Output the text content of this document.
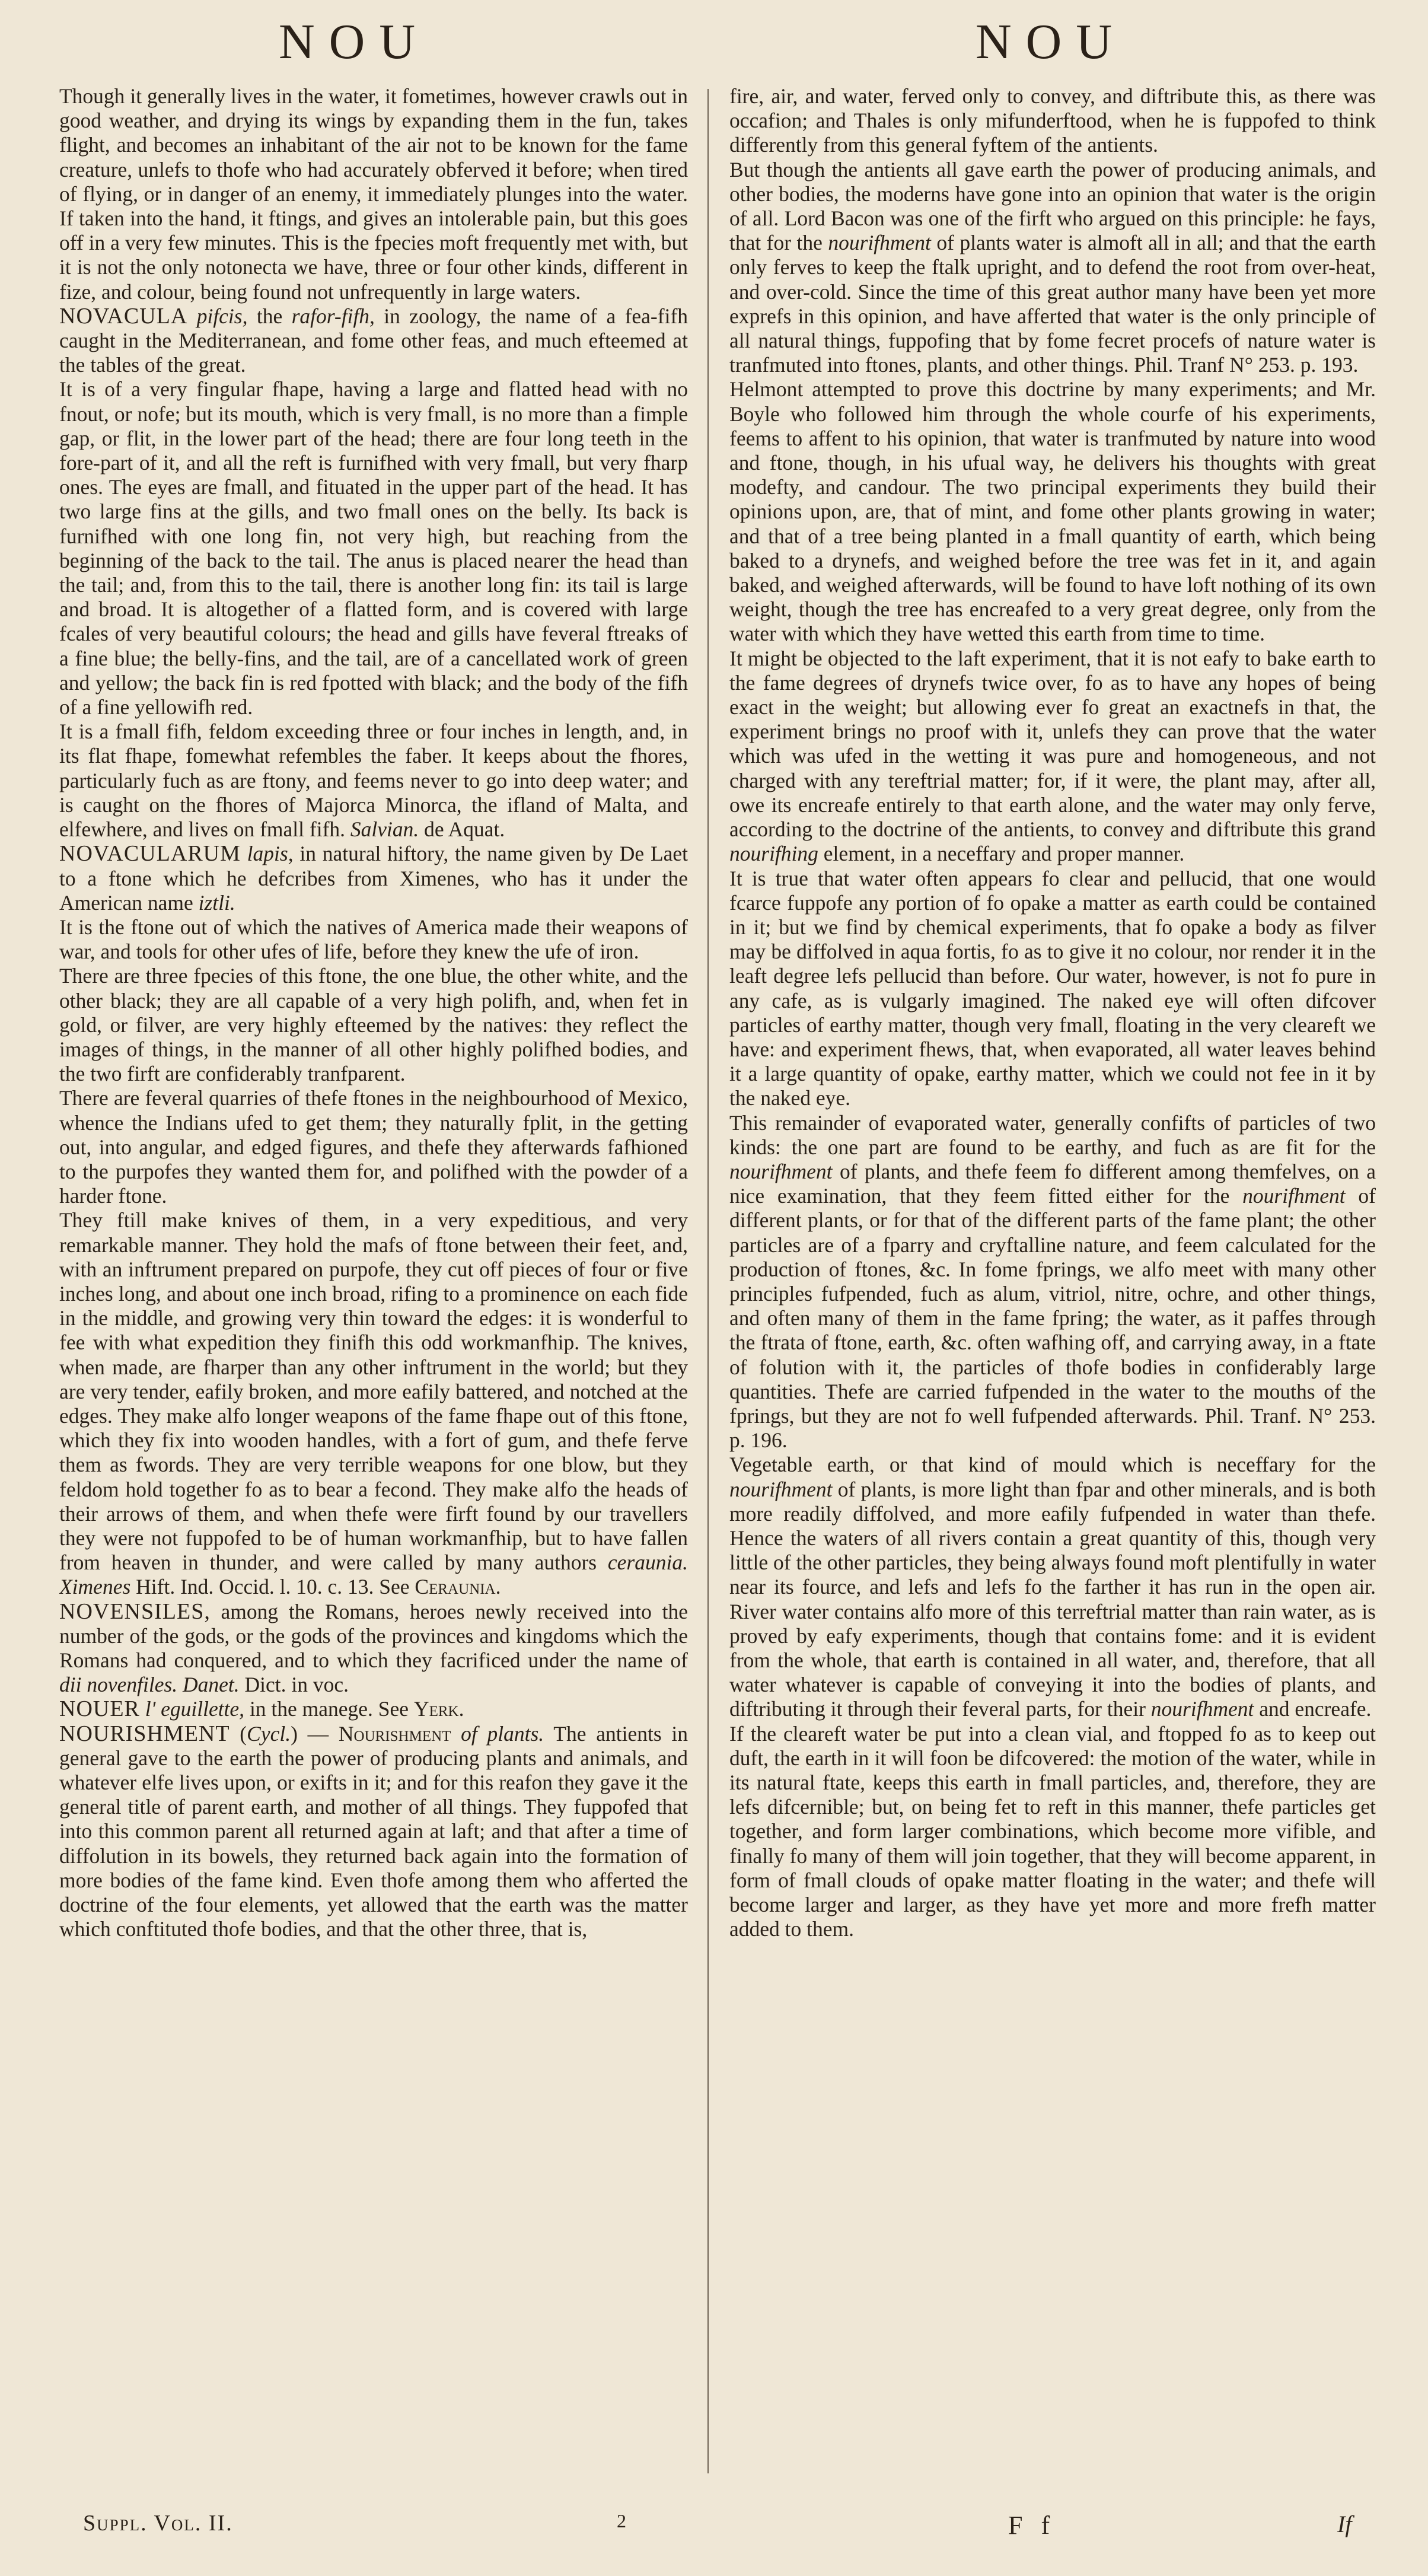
NOU	NOU

Though it generally lives in the water, it fometimes, however crawls out in good weather, and drying its wings by expanding them in the fun, takes flight, and becomes an inhabitant of the air not to be known for the fame creature, unlefs to thofe who had accurately obferved it before; when tired of flying, or in danger of an enemy, it immediately plunges into the water. If taken into the hand, it ftings, and gives an intolerable pain, but this goes off in a very few minutes. This is the fpecies moft frequently met with, but it is not the only notonecta we have, three or four other kinds, different in fize, and colour, being found not unfrequently in large waters.

NOVACULA pifcis, the rafor-fifh, in zoology, the name of a fea-fifh caught in the Mediterranean, and fome other feas, and much efteemed at the tables of the great.

It is of a very fingular fhape, having a large and flatted head with no fnout, or nofe; but its mouth, which is very fmall, is no more than a fimple gap, or flit, in the lower part of the head; there are four long teeth in the fore-part of it, and all the reft is furnifhed with very fmall, but very fharp ones. The eyes are fmall, and fituated in the upper part of the head. It has two large fins at the gills, and two fmall ones on the belly. Its back is furnifhed with one long fin, not very high, but reaching from the beginning of the back to the tail. The anus is placed nearer the head than the tail; and, from this to the tail, there is another long fin: its tail is large and broad. It is altogether of a flatted form, and is covered with large fcales of very beautiful colours; the head and gills have feveral ftreaks of a fine blue; the belly-fins, and the tail, are of a cancellated work of green and yellow; the back fin is red fpotted with black; and the body of the fifh of a fine yellowifh red.

It is a fmall fifh, feldom exceeding three or four inches in length, and, in its flat fhape, fomewhat refembles the faber. It keeps about the fhores, particularly fuch as are ftony, and feems never to go into deep water; and is caught on the fhores of Majorca Minorca, the ifland of Malta, and elfewhere, and lives on fmall fifh. Salvian. de Aquat.

NOVACULARUM lapis, in natural hiftory, the name given by De Laet to a ftone which he defcribes from Ximenes, who has it under the American name iztli.

It is the ftone out of which the natives of America made their weapons of war, and tools for other ufes of life, before they knew the ufe of iron.

There are three fpecies of this ftone, the one blue, the other white, and the other black; they are all capable of a very high polifh, and, when fet in gold, or filver, are very highly efteemed by the natives: they reflect the images of things, in the manner of all other highly polifhed bodies, and the two firft are confiderably tranfparent.

There are feveral quarries of thefe ftones in the neighbourhood of Mexico, whence the Indians ufed to get them; they naturally fplit, in the getting out, into angular, and edged figures, and thefe they afterwards fafhioned to the purpofes they wanted them for, and polifhed with the powder of a harder ftone.

They ftill make knives of them, in a very expeditious, and very remarkable manner. They hold the mafs of ftone between their feet, and, with an inftrument prepared on purpofe, they cut off pieces of four or five inches long, and about one inch broad, rifing to a prominence on each fide in the middle, and growing very thin toward the edges: it is wonderful to fee with what expedition they finifh this odd workmanfhip. The knives, when made, are fharper than any other inftrument in the world; but they are very tender, eafily broken, and more eafily battered, and notched at the edges. They make alfo longer weapons of the fame fhape out of this ftone, which they fix into wooden handles, with a fort of gum, and thefe ferve them as fwords. They are very terrible weapons for one blow, but they feldom hold together fo as to bear a fecond. They make alfo the heads of their arrows of them, and when thefe were firft found by our travellers they were not fuppofed to be of human workmanfhip, but to have fallen from heaven in thunder, and were called by many authors ceraunia. Ximenes Hift. Ind. Occid. l. 10. c. 13. See Ceraunia.

NOVENSILES, among the Romans, heroes newly received into the number of the gods, or the gods of the provinces and kingdoms which the Romans had conquered, and to which they facrificed under the name of dii novenfiles. Danet. Dict. in voc.

NOUER l' eguillette, in the manege. See Yerk.

NOURISHMENT (Cycl.) — Nourishment of plants. The antients in general gave to the earth the power of producing plants and animals, and whatever elfe lives upon, or exifts in it; and for this reafon they gave it the general title of parent earth, and mother of all things. They fuppofed that into this common parent all returned again at laft; and that after a time of diffolution in its bowels, they returned back again into the formation of more bodies of the fame kind. Even thofe among them who afferted the doctrine of the four elements, yet allowed that the earth was the matter which conftituted thofe bodies, and that the other three, that is,

fire, air, and water, ferved only to convey, and diftribute this, as there was occafion; and Thales is only mifunderftood, when he is fuppofed to think differently from this general fyftem of the antients.

But though the antients all gave earth the power of producing animals, and other bodies, the moderns have gone into an opinion that water is the origin of all. Lord Bacon was one of the firft who argued on this principle: he fays, that for the nourifhment of plants water is almoft all in all; and that the earth only ferves to keep the ftalk upright, and to defend the root from over-heat, and over-cold. Since the time of this great author many have been yet more exprefs in this opinion, and have afferted that water is the only principle of all natural things, fuppofing that by fome fecret procefs of nature water is tranfmuted into ftones, plants, and other things. Phil. Tranf N° 253. p. 193.

Helmont attempted to prove this doctrine by many experiments; and Mr. Boyle who followed him through the whole courfe of his experiments, feems to affent to his opinion, that water is tranfmuted by nature into wood and ftone, though, in his ufual way, he delivers his thoughts with great modefty, and candour. The two principal experiments they build their opinions upon, are, that of mint, and fome other plants growing in water; and that of a tree being planted in a fmall quantity of earth, which being baked to a drynefs, and weighed before the tree was fet in it, and again baked, and weighed afterwards, will be found to have loft nothing of its own weight, though the tree has encreafed to a very great degree, only from the water with which they have wetted this earth from time to time.

It might be objected to the laft experiment, that it is not eafy to bake earth to the fame degrees of drynefs twice over, fo as to have any hopes of being exact in the weight; but allowing ever fo great an exactnefs in that, the experiment brings no proof with it, unlefs they can prove that the water which was ufed in the wetting it was pure and homogeneous, and not charged with any tereftrial matter; for, if it were, the plant may, after all, owe its encreafe entirely to that earth alone, and the water may only ferve, according to the doctrine of the antients, to convey and diftribute this grand nourifhing element, in a neceffary and proper manner.

It is true that water often appears fo clear and pellucid, that one would fcarce fuppofe any portion of fo opake a matter as earth could be contained in it; but we find by chemical experiments, that fo opake a body as filver may be diffolved in aqua fortis, fo as to give it no colour, nor render it in the leaft degree lefs pellucid than before. Our water, however, is not fo pure in any cafe, as is vulgarly imagined. The naked eye will often difcover particles of earthy matter, though very fmall, floating in the very cleareft we have: and experiment fhews, that, when evaporated, all water leaves behind it a large quantity of opake, earthy matter, which we could not fee in it by the naked eye.

This remainder of evaporated water, generally confifts of particles of two kinds: the one part are found to be earthy, and fuch as are fit for the nourifhment of plants, and thefe feem fo different among themfelves, on a nice examination, that they feem fitted either for the nourifhment of different plants, or for that of the different parts of the fame plant; the other particles are of a fparry and cryftalline nature, and feem calculated for the production of ftones, &c. In fome fprings, we alfo meet with many other principles fufpended, fuch as alum, vitriol, nitre, ochre, and other things, and often many of them in the fame fpring; the water, as it paffes through the ftrata of ftone, earth, &c. often wafhing off, and carrying away, in a ftate of folution with it, the particles of thofe bodies in confiderably large quantities. Thefe are carried fufpended in the water to the mouths of the fprings, but they are not fo well fufpended afterwards. Phil. Tranf. N° 253. p. 196.

Vegetable earth, or that kind of mould which is neceffary for the nourifhment of plants, is more light than fpar and other minerals, and is both more readily diffolved, and more eafily fufpended in water than thefe. Hence the waters of all rivers contain a great quantity of this, though very little of the other particles, they being always found moft plentifully in water near its fource, and lefs and lefs fo the farther it has run in the open air. River water contains alfo more of this terreftrial matter than rain water, as is proved by eafy experiments, though that contains fome: and it is evident from the whole, that earth is contained in all water, and, therefore, that all water whatever is capable of conveying it into the bodies of plants, and diftributing it through their feveral parts, for their nourifhment and encreafe.

If the cleareft water be put into a clean vial, and ftopped fo as to keep out duft, the earth in it will foon be difcovered: the motion of the water, while in its natural ftate, keeps this earth in fmall particles, and, therefore, they are lefs difcernible; but, on being fet to reft in this manner, thefe particles get together, and form larger combinations, which become more vifible, and finally fo many of them will join together, that they will become apparent, in form of fmall clouds of opake matter floating in the water; and thefe will become larger and larger, as they have yet more and more frefh matter added to them.

Suppl. Vol. II.	2	F f	If
